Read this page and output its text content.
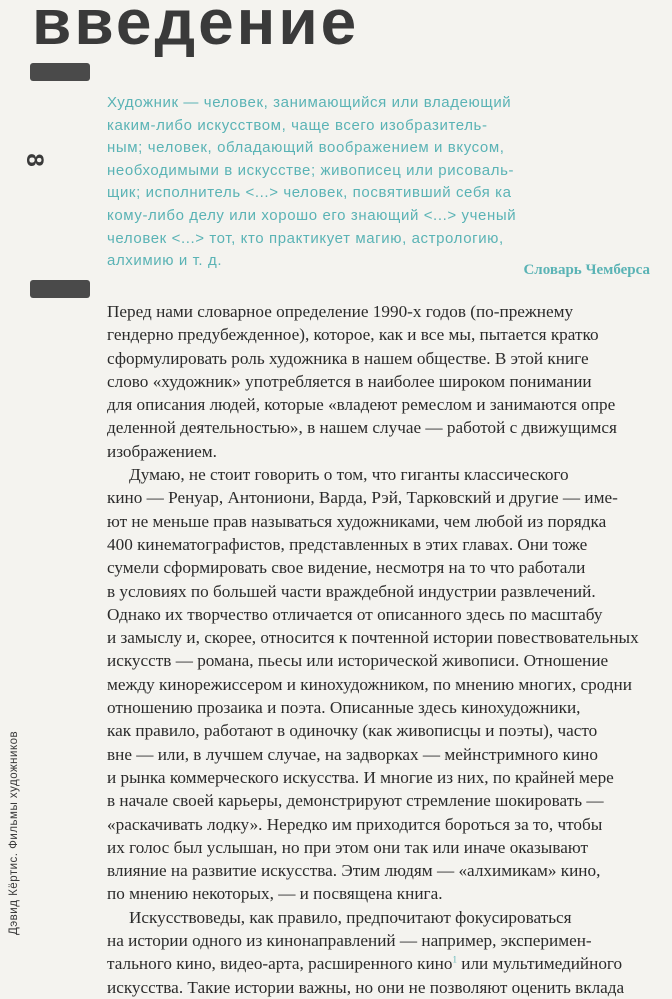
введение
8
Дэвид Кёртис. Фильмы художников
Художник — человек, занимающийся или владеющий
каким-либо искусством, чаще всего изобразитель-
ным; человек, обладающий воображением и вкусом,
необходимыми в искусстве; живописец или рисоваль-
щик; исполнитель <...> человек, посвятивший себя ка
кому-либо делу или хорошо его знающий <...> ученый
человек <...> тот, кто практикует магию, астрологию,
алхимию и т. д.
Словарь Чемберса
Перед нами словарное определение 1990-х годов (по-прежнему
гендерно предубежденное), которое, как и все мы, пытается кратко
сформулировать роль художника в нашем обществе. В этой книге
слово «художник» употребляется в наиболее широком понимании
для описания людей, которые «владеют ремеслом и занимаются опре
деленной деятельностью», в нашем случае — работой с движущимся
изображением.
Думаю, не стоит говорить о том, что гиганты классического
кино — Ренуар, Антониони, Варда, Рэй, Тарковский и другие — име-
ют не меньше прав называться художниками, чем любой из порядка
400 кинематографистов, представленных в этих главах. Они тоже
сумели сформировать свое видение, несмотря на то что работали
в условиях по большей части враждебной индустрии развлечений.
Однако их творчество отличается от описанного здесь по масштабу
и замыслу и, скорее, относится к почтенной истории повествовательных
искусств — романа, пьесы или исторической живописи. Отношение
между кинорежиссером и кинохудожником, по мнению многих, сродни
отношению прозаика и поэта. Описанные здесь кинохудожники,
как правило, работают в одиночку (как живописцы и поэты), часто
вне — или, в лучшем случае, на задворках — мейнстримного кино
и рынка коммерческого искусства. И многие из них, по крайней мере
в начале своей карьеры, демонстрируют стремление шокировать —
«раскачивать лодку». Нередко им приходится бороться за то, чтобы
их голос был услышан, но при этом они так или иначе оказывают
влияние на развитие искусства. Этим людям — «алхимикам» кино,
по мнению некоторых, — и посвящена книга.
Искусствоведы, как правило, предпочитают фокусироваться
на истории одного из кинонаправлений — например, эксперимен-
тального кино, видео-арта, расширенного кино$^1$ или мультимедийного
искусства. Такие истории важны, но они не позволяют оценить вклада
